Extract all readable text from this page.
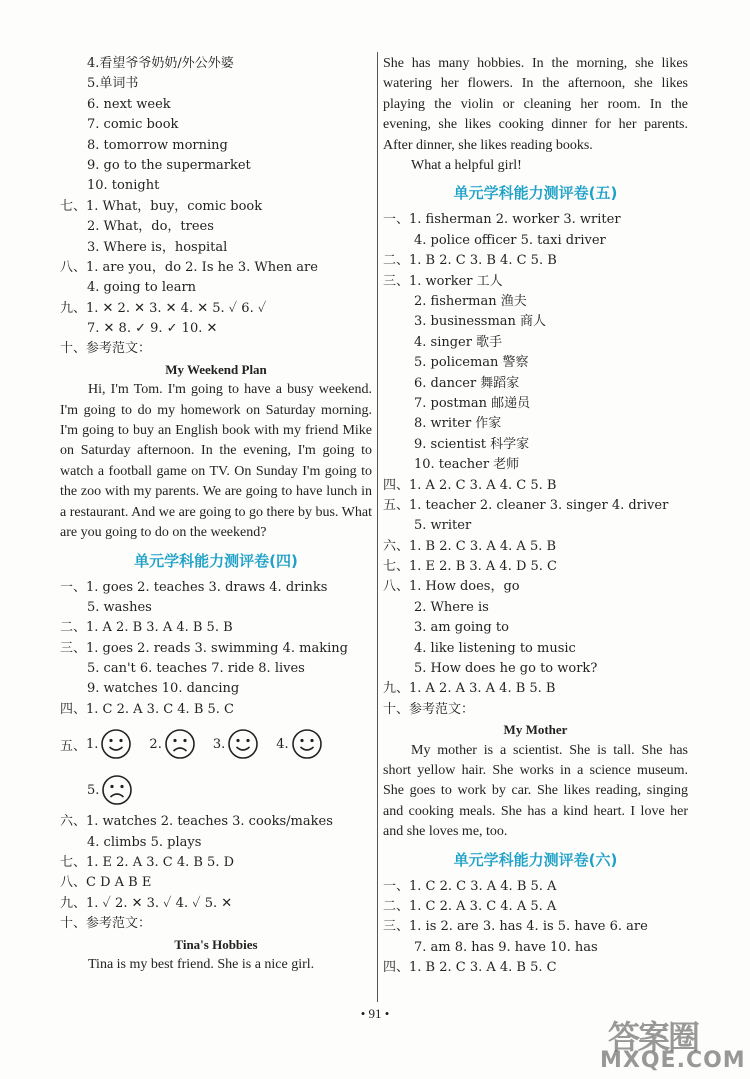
4.看望爷爷奶奶/外公外婆
5.单词书
6. next week
7. comic book
8. tomorrow morning
9. go to the supermarket
10. tonight
七、1. What，buy，comic book
2. What，do，trees
3. Where is，hospital
八、1. are you，do 2. Is he 3. When are
4. going to learn
九、1. ✕ 2. ✕ 3. ✕ 4. ✕ 5. ✓ 6. ✓
7. ✕ 8. ✓ 9. ✓ 10. ✕
十、参考范文：
My Weekend Plan
Hi, I'm Tom. I'm going to have a busy weekend. I'm going to do my homework on Saturday morning. I'm going to buy an English book with my friend Mike on Saturday afternoon. In the evening, I'm going to watch a football game on TV. On Sunday I'm going to the zoo with my parents. We are going to have lunch in a restaurant. And we are going to go there by bus. What are you going to do on the weekend?
单元学科能力测评卷(四)
一、1. goes 2. teaches 3. draws 4. drinks
5. washes
二、1. A 2. B 3. A 4. B 5. B
三、1. goes 2. reads 3. swimming 4. making
5. can't 6. teaches 7. ride 8. lives
9. watches 10. dancing
四、1. C 2. A 3. C 4. B 5. C
五、 1.	2.	3.	4.
5.
六、1. watches 2. teaches 3. cooks/makes
4. climbs 5. plays
七、1. E 2. A 3. C 4. B 5. D
八、C D A B E
九、1. ✓ 2. ✕ 3. ✓ 4. ✓ 5. ✕
十、参考范文：
Tina's Hobbies
Tina is my best friend. She is a nice girl.
She has many hobbies. In the morning, she likes watering her flowers. In the afternoon, she likes playing the violin or cleaning her room. In the evening, she likes cooking dinner for her parents. After dinner, she likes reading books.
What a helpful girl!
单元学科能力测评卷(五)
一、1. fisherman 2. worker 3. writer
4. police officer 5. taxi driver
二、1. B 2. C 3. B 4. C 5. B
三、1. worker 工人
2. fisherman 渔夫
3. businessman 商人
4. singer 歌手
5. policeman 警察
6. dancer 舞蹈家
7. postman 邮递员
8. writer 作家
9. scientist 科学家
10. teacher 老师
四、1. A 2. C 3. A 4. C 5. B
五、1. teacher 2. cleaner 3. singer 4. driver
5. writer
六、1. B 2. C 3. A 4. A 5. B
七、1. E 2. B 3. A 4. D 5. C
八、1. How does，go
2. Where is
3. am going to
4. like listening to music
5. How does he go to work?
九、1. A 2. A 3. A 4. B 5. B
十、参考范文：
My Mother
My mother is a scientist. She is tall. She has short yellow hair. She works in a science museum. She goes to work by car. She likes reading, singing and cooking meals. She has a kind heart. I love her and she loves me, too.
单元学科能力测评卷(六)
一、1. C 2. C 3. A 4. B 5. A
二、1. C 2. A 3. C 4. A 5. A
三、1. is 2. are 3. has 4. is 5. have 6. are
7. am 8. has 9. have 10. has
四、1. B 2. C 3. A 4. B 5. C
• 91 •
答案圈
MXQE.COM
